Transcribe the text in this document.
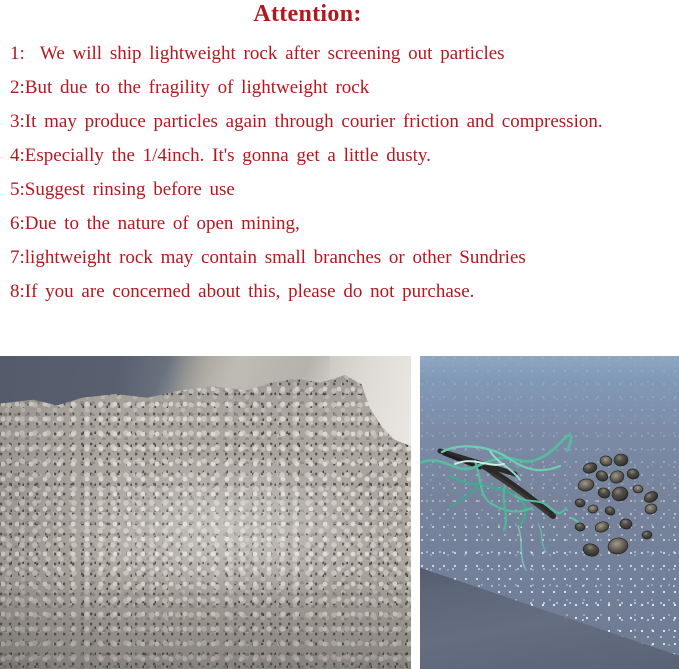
Attention:

1:  We will ship lightweight rock after screening out particles

2:But due to the fragility of lightweight rock

3:It may produce particles again through courier friction and compression.

4:Especially the 1/4inch. It's gonna get a little dusty.

5:Suggest rinsing before use

6:Due to the nature of open mining,

7:lightweight rock may contain small branches or other Sundries

8:If you are concerned about this, please do not purchase.
